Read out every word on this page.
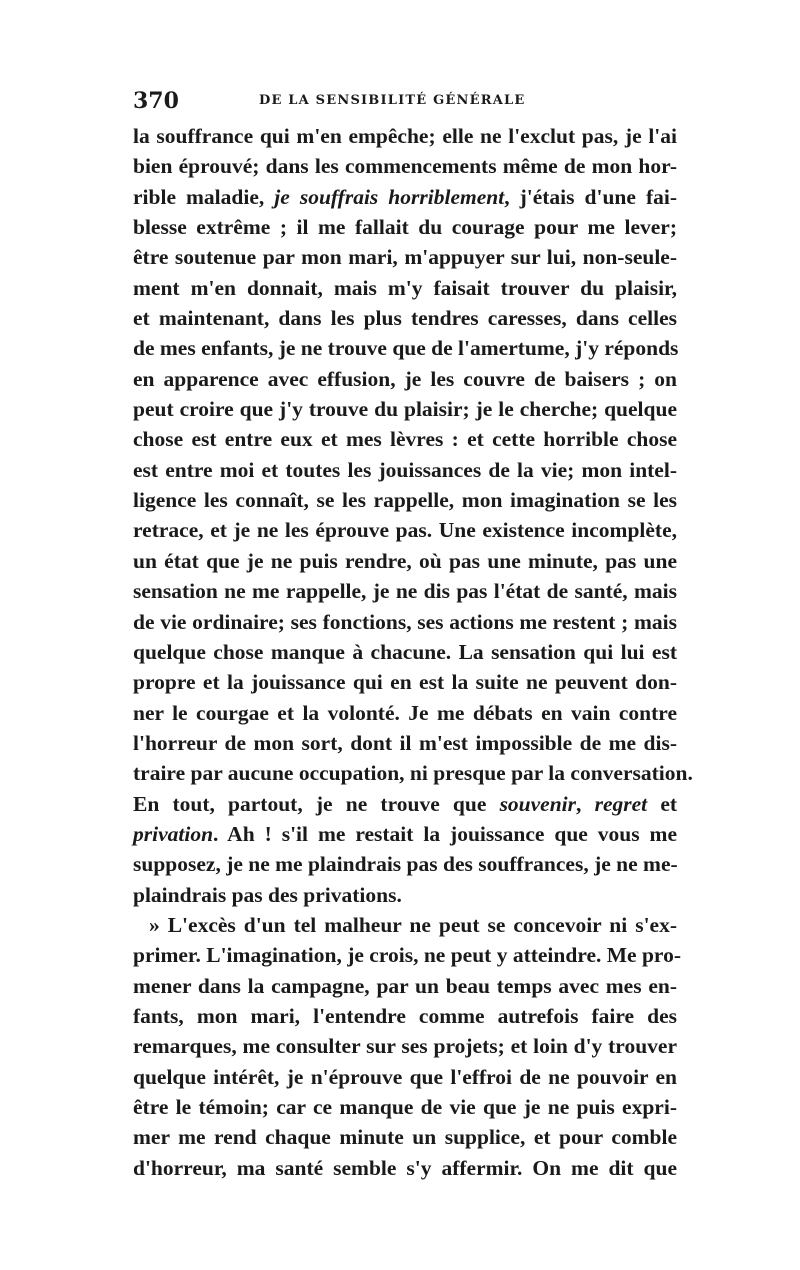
370	DE LA SENSIBILITÉ GÉNÉRALE
la souffrance qui m'en empêche; elle ne l'exclut pas, je l'ai
bien éprouvé; dans les commencements même de mon hor-
rible maladie, je souffrais horriblement, j'étais d'une fai-
blesse extrême ; il me fallait du courage pour me lever;
être soutenue par mon mari, m'appuyer sur lui, non-seule-
ment m'en donnait, mais m'y faisait trouver du plaisir,
et maintenant, dans les plus tendres caresses, dans celles
de mes enfants, je ne trouve que de l'amertume, j'y réponds
en apparence avec effusion, je les couvre de baisers ; on
peut croire que j'y trouve du plaisir; je le cherche; quelque
chose est entre eux et mes lèvres : et cette horrible chose
est entre moi et toutes les jouissances de la vie; mon intel-
ligence les connaît, se les rappelle, mon imagination se les
retrace, et je ne les éprouve pas. Une existence incomplète,
un état que je ne puis rendre, où pas une minute, pas une
sensation ne me rappelle, je ne dis pas l'état de santé, mais
de vie ordinaire; ses fonctions, ses actions me restent ; mais
quelque chose manque à chacune. La sensation qui lui est
propre et la jouissance qui en est la suite ne peuvent don-
ner le courgae et la volonté. Je me débats en vain contre
l'horreur de mon sort, dont il m'est impossible de me dis-
traire par aucune occupation, ni presque par la conversation.
En tout, partout, je ne trouve que souvenir, regret et
privation. Ah ! s'il me restait la jouissance que vous me
supposez, je ne me plaindrais pas des souffrances, je ne me-
plaindrais pas des privations.
» L'excès d'un tel malheur ne peut se concevoir ni s'ex-
primer. L'imagination, je crois, ne peut y atteindre. Me pro-
mener dans la campagne, par un beau temps avec mes en-
fants, mon mari, l'entendre comme autrefois faire des
remarques, me consulter sur ses projets; et loin d'y trouver
quelque intérêt, je n'éprouve que l'effroi de ne pouvoir en
être le témoin; car ce manque de vie que je ne puis expri-
mer me rend chaque minute un supplice, et pour comble
d'horreur, ma santé semble s'y affermir. On me dit que
